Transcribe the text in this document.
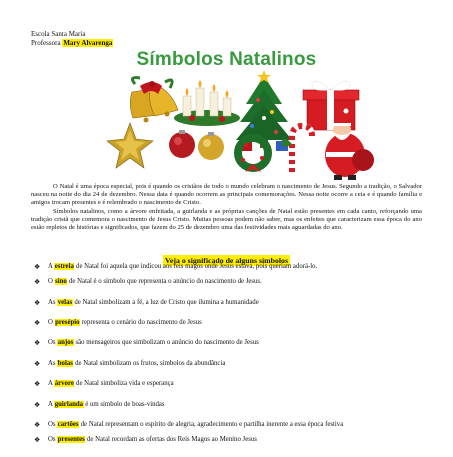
Escola Santa Maria
Professora Mary Alvarenga
Símbolos Natalinos

O Natal é uma época especial, pois é quando os cristãos de todo o mundo celebram o nascimento de Jesus. Segundo a tradição, o Salvador nasceu na noite do dia 24 de dezembro. Nessa data é quando ocorrem as principais comemorações. Nessa noite ocorre a ceia e é quando família e amigos trocam presentes e é relembrado o nascimento de Cristo.

Símbolos natalinos, como a árvore enfeitada, a guirlanda e as próprias canções de Natal estão presentes em cada canto, reforçando uma tradição cristã que comemora o nascimento de Jesus Cristo. Muitas pessoas podem não saber, mas os enfeites que caracterizam essa época do ano estão repletos de histórias e significados, que fazem do 25 de dezembro uma das festividades mais aguardadas do ano.

Veja o significado de alguns símbolos
❖ A estrela de Natal foi aquela que indicou aos reis magos onde Jesus estava, pois queriam adorá-lo.
❖ O sino de Natal é o símbolo que representa o anúncio do nascimento de Jesus.
❖ As velas de Natal simbolizam a fé, a luz de Cristo que ilumina a humanidade
❖ O presépio representa o cenário do nascimento de Jesus
❖ Os anjos são mensageiros que simbolizam o anúncio do nascimento de Jesus
❖ As bolas de Natal simbolizam os frutos, símbolos da abundância
❖ A árvore de Natal simboliza vida e esperança
❖ A guirlanda é um símbolo de boas-vindas
❖ Os cartões de Natal representam o espírito de alegria, agradecimento e partilha inerente a essa época festiva
❖ Os presentes de Natal recordam as ofertas dos Reis Magos ao Menino Jesus
